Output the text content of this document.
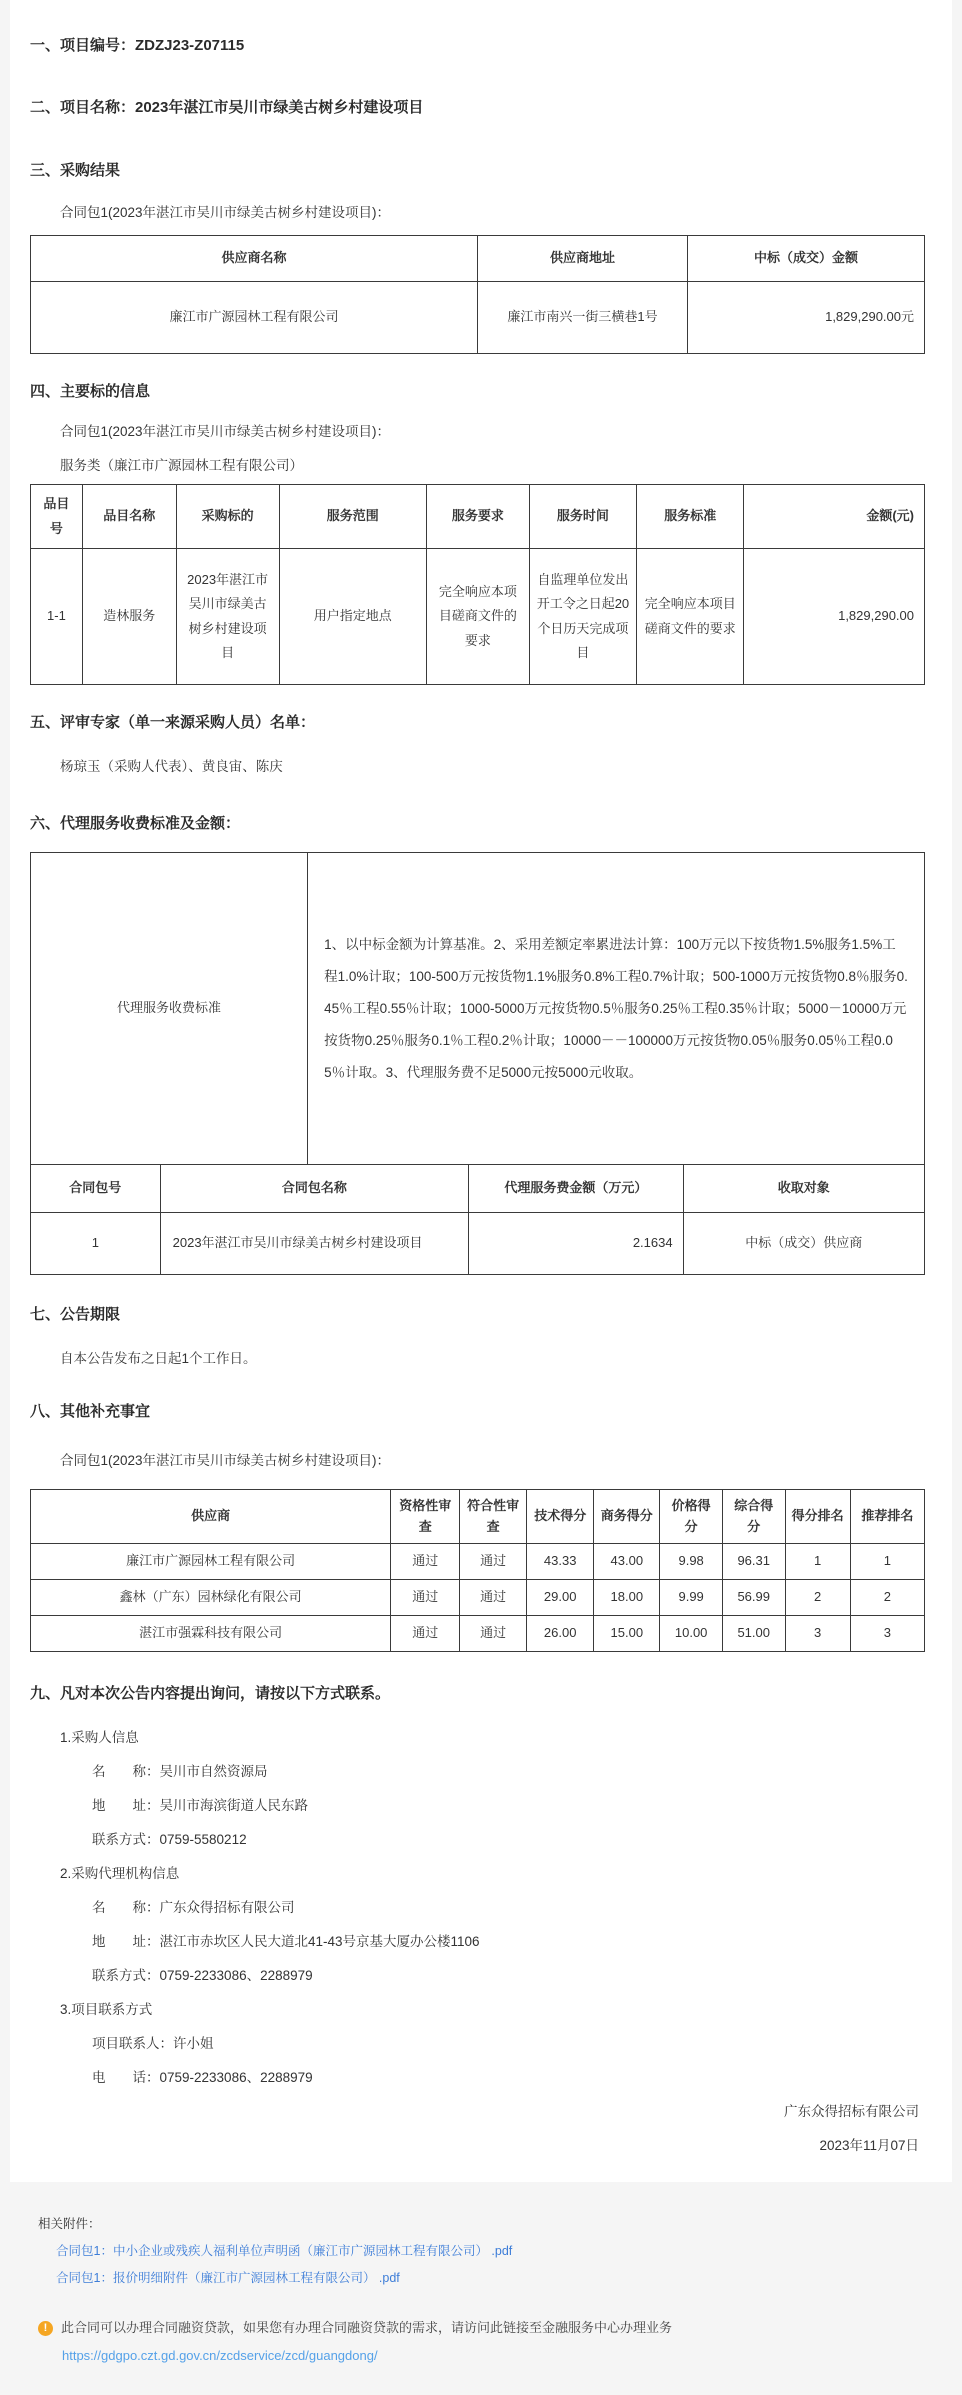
一、项目编号：ZDZJ23-Z07115
二、项目名称：2023年湛江市吴川市绿美古树乡村建设项目
三、采购结果
合同包1(2023年湛江市吴川市绿美古树乡村建设项目)：
供应商名称	供应商地址	中标（成交）金额
廉江市广源园林工程有限公司	廉江市南兴一街三横巷1号	1,829,290.00元
四、主要标的信息
合同包1(2023年湛江市吴川市绿美古树乡村建设项目)：
服务类（廉江市广源园林工程有限公司）
品目号	品目名称	采购标的	服务范围	服务要求	服务时间	服务标准	金额(元)
1-1	造林服务	2023年湛江市吴川市绿美古树乡村建设项目	用户指定地点	完全响应本项目磋商文件的要求	自监理单位发出开工令之日起20个日历天完成项目	完全响应本项目磋商文件的要求	1,829,290.00
五、评审专家（单一来源采购人员）名单：
杨琼玉（采购人代表）、黄良宙、陈庆
六、代理服务收费标准及金额：
代理服务收费标准	1、以中标金额为计算基准。2、采用差额定率累进法计算：100万元以下按货物1.5%服务1.5%工程1.0%计取；100-500万元按货物1.1%服务0.8%工程0.7%计取；500-1000万元按货物0.8％服务0.45％工程0.55％计取；1000-5000万元按货物0.5％服务0.25％工程0.35％计取；5000－10000万元按货物0.25％服务0.1％工程0.2％计取；10000－－100000万元按货物0.05％服务0.05％工程0.05％计取。3、代理服务费不足5000元按5000元收取。
合同包号	合同包名称	代理服务费金额（万元）	收取对象
1	2023年湛江市吴川市绿美古树乡村建设项目	2.1634	中标（成交）供应商
七、公告期限
自本公告发布之日起1个工作日。
八、其他补充事宜
合同包1(2023年湛江市吴川市绿美古树乡村建设项目)：
供应商	资格性审查	符合性审查	技术得分	商务得分	价格得分	综合得分	得分排名	推荐排名
廉江市广源园林工程有限公司	通过	通过	43.33	43.00	9.98	96.31	1	1
鑫林（广东）园林绿化有限公司	通过	通过	29.00	18.00	9.99	56.99	2	2
湛江市强霖科技有限公司	通过	通过	26.00	15.00	10.00	51.00	3	3
九、凡对本次公告内容提出询问，请按以下方式联系。
1.采购人信息
名　　称：吴川市自然资源局
地　　址：吴川市海滨街道人民东路
联系方式：0759-5580212
2.采购代理机构信息
名　　称：广东众得招标有限公司
地　　址：湛江市赤坎区人民大道北41-43号京基大厦办公楼1106
联系方式：0759-2233086、2288979
3.项目联系方式
项目联系人：许小姐
电　　话：0759-2233086、2288979
广东众得招标有限公司
2023年11月07日
相关附件：
合同包1：中小企业或残疾人福利单位声明函（廉江市广源园林工程有限公司） .pdf
合同包1：报价明细附件（廉江市广源园林工程有限公司） .pdf
! 此合同可以办理合同融资贷款，如果您有办理合同融资贷款的需求，请访问此链接至金融服务中心办理业务
https://gdgpo.czt.gd.gov.cn/zcdservice/zcd/guangdong/
